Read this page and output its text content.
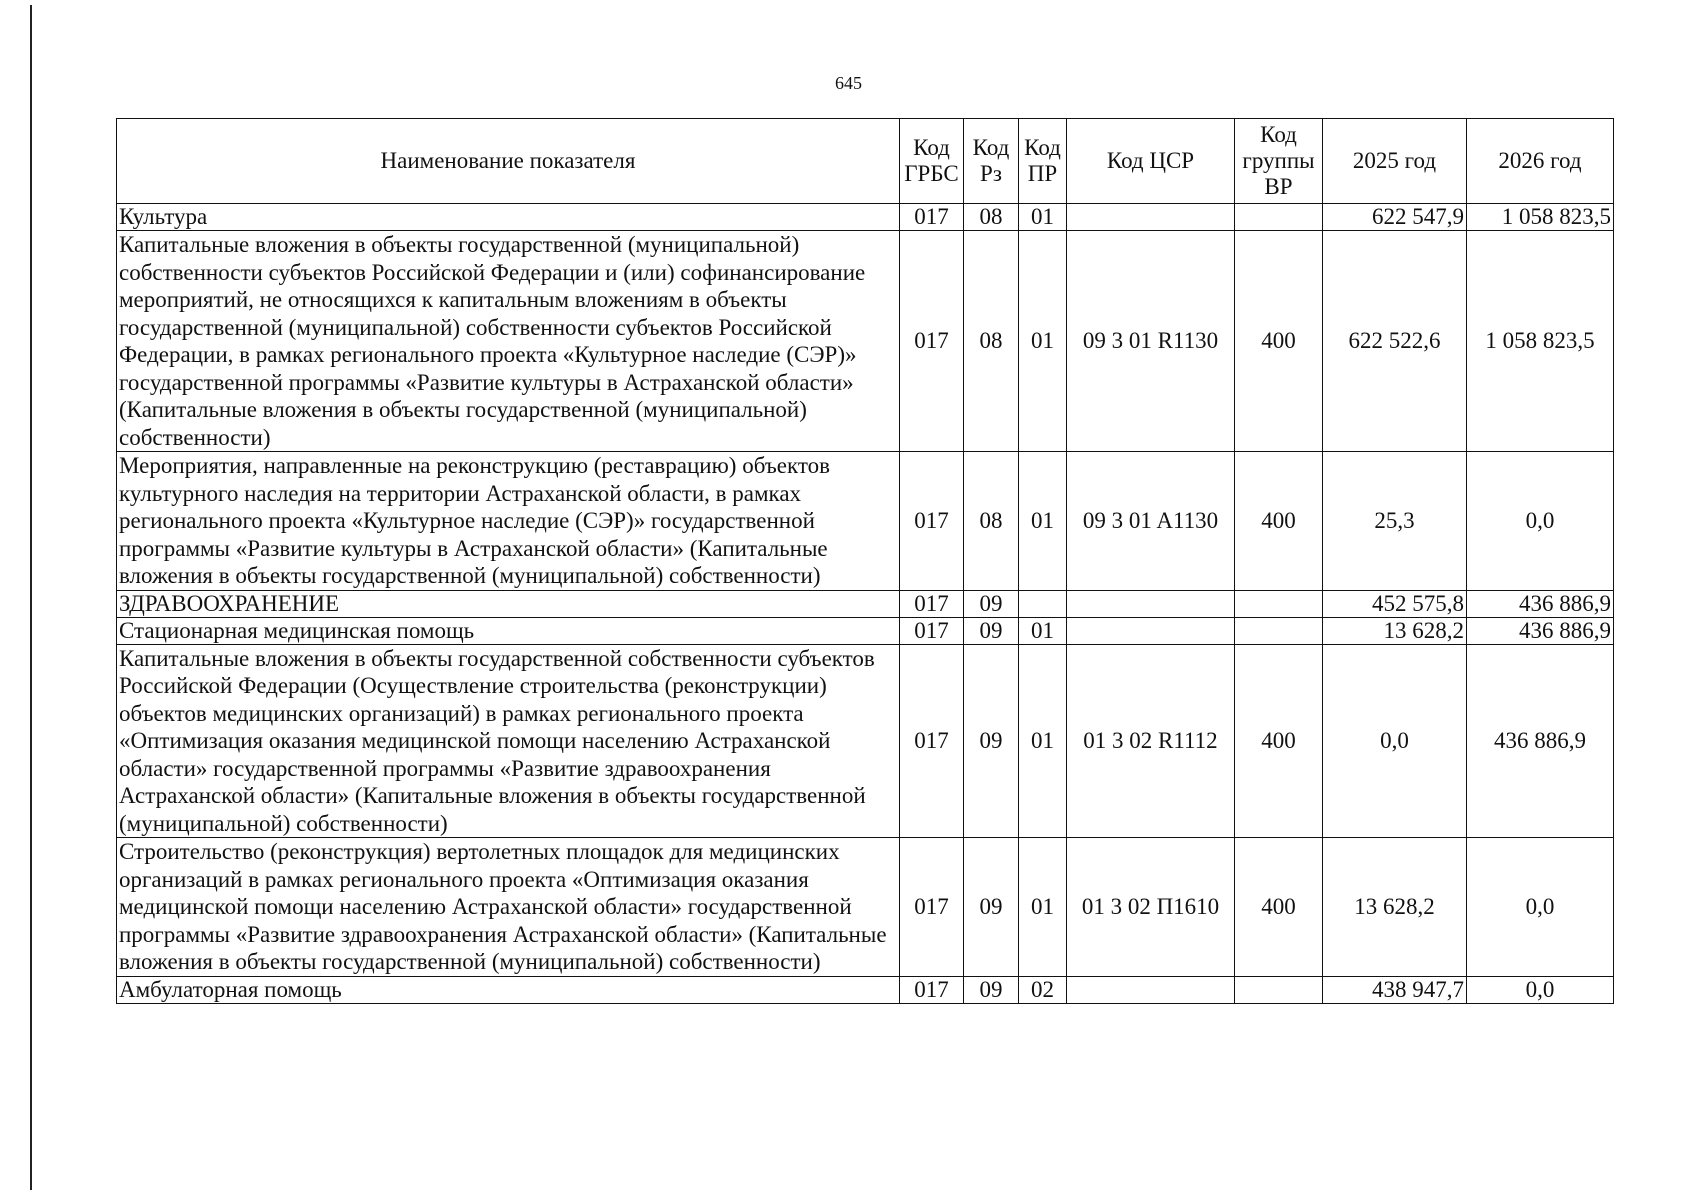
645
Наименование показателя	Код ГРБС	Код Рз	Код ПР	Код ЦСР	Код группы ВР	2025 год	2026 год
Культура	017	08	01			622 547,9	1 058 823,5
Капитальные вложения в объекты государственной (муниципальной) собственности субъектов Российской Федерации и (или) софинансирование мероприятий, не относящихся к капитальным вложениям в объекты государственной (муниципальной) собственности субъектов Российской Федерации, в рамках регионального проекта «Культурное наследие (СЭР)» государственной программы «Развитие культуры в Астраханской области» (Капитальные вложения в объекты государственной (муниципальной) собственности)	017	08	01	09 3 01 R1130	400	622 522,6	1 058 823,5
Мероприятия, направленные на реконструкцию (реставрацию) объектов культурного наследия на территории Астраханской области, в рамках регионального проекта «Культурное наследие (СЭР)» государственной программы «Развитие культуры в Астраханской области» (Капитальные вложения в объекты государственной (муниципальной) собственности)	017	08	01	09 3 01 A1130	400	25,3	0,0
ЗДРАВООХРАНЕНИЕ	017	09				452 575,8	436 886,9
Стационарная медицинская помощь	017	09	01			13 628,2	436 886,9
Капитальные вложения в объекты государственной собственности субъектов Российской Федерации (Осуществление строительства (реконструкции) объектов медицинских организаций) в рамках регионального проекта «Оптимизация оказания медицинской помощи населению Астраханской области» государственной программы «Развитие здравоохранения Астраханской области» (Капитальные вложения в объекты государственной (муниципальной) собственности)	017	09	01	01 3 02 R1112	400	0,0	436 886,9
Строительство (реконструкция) вертолетных площадок для медицинских организаций в рамках регионального проекта «Оптимизация оказания медицинской помощи населению Астраханской области» государственной программы «Развитие здравоохранения Астраханской области» (Капитальные вложения в объекты государственной (муниципальной) собственности)	017	09	01	01 3 02 П1610	400	13 628,2	0,0
Амбулаторная помощь	017	09	02			438 947,7	0,0
